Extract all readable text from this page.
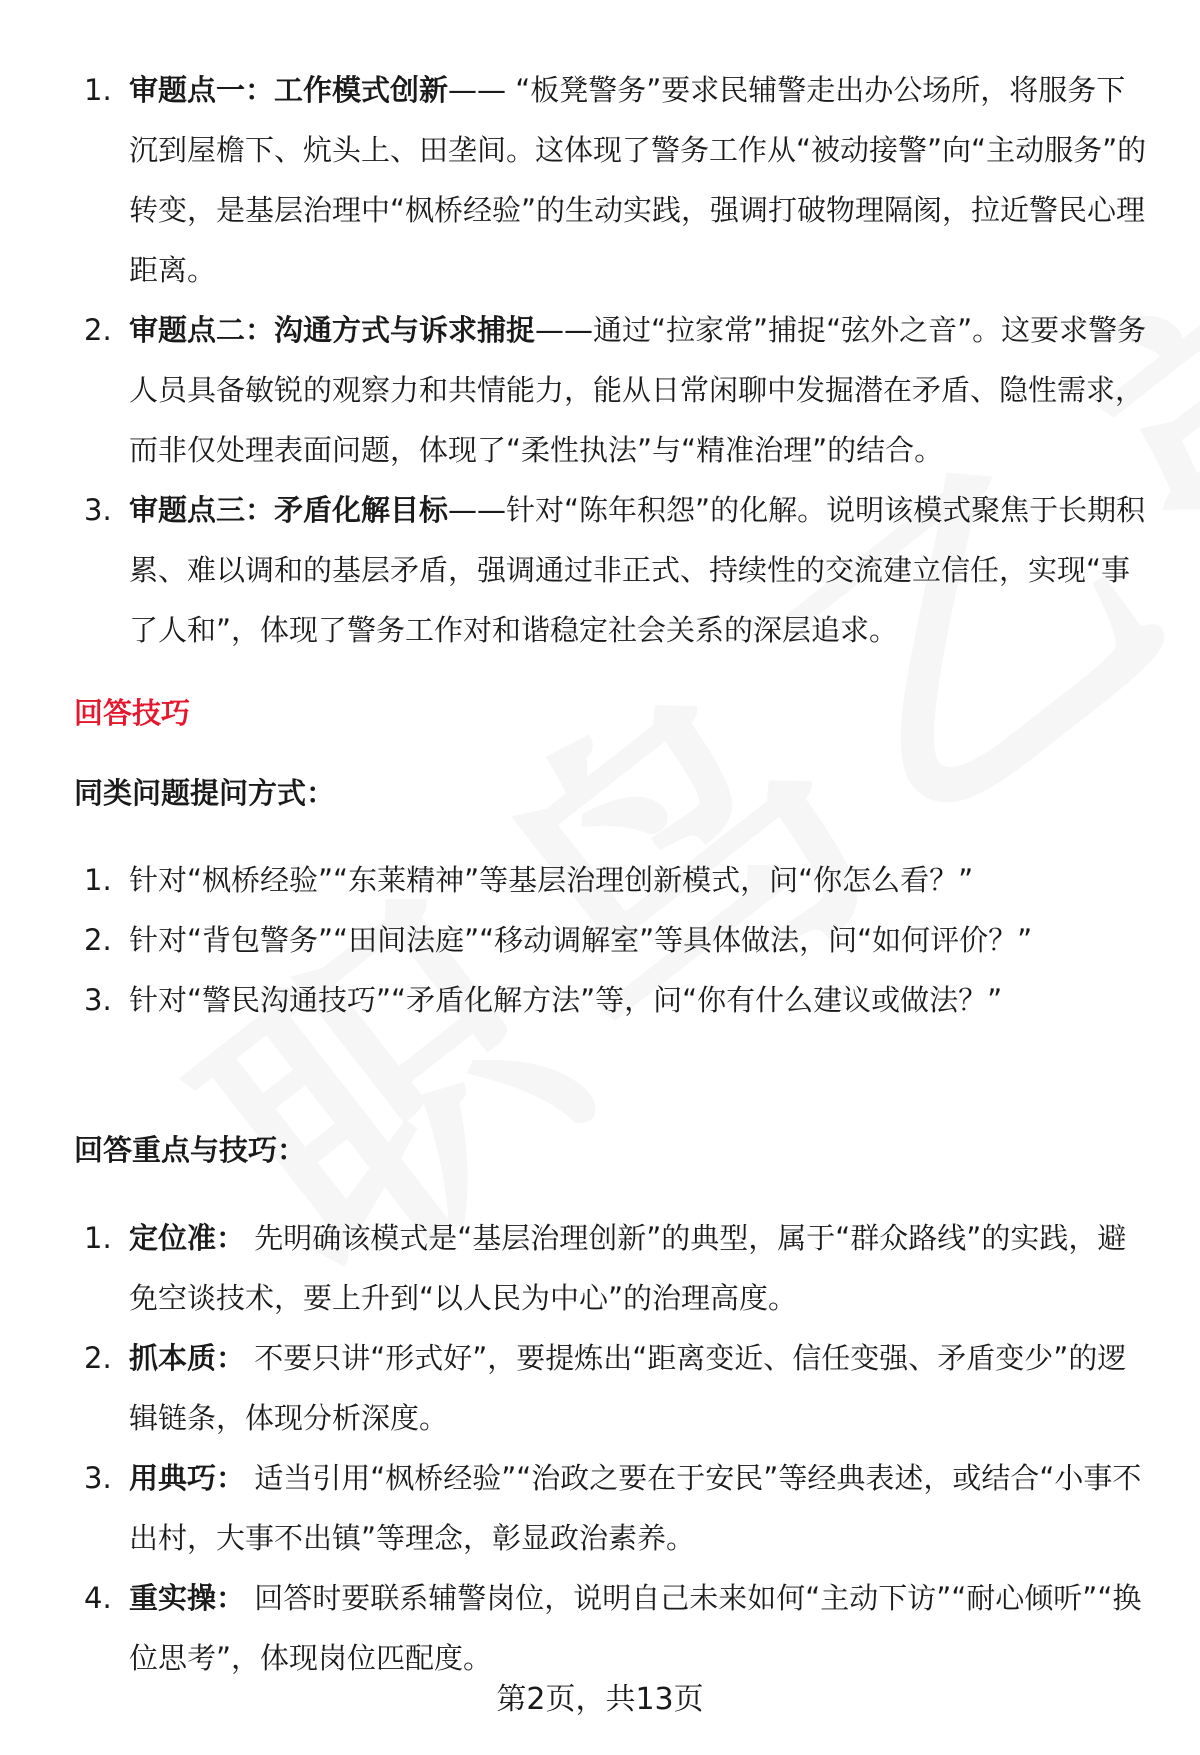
1. 审题点一：工作模式创新—— “板凳警务”要求民辅警走出办公场所，将服务下沉到屋檐下、炕头上、田垄间。这体现了警务工作从“被动接警”向“主动服务”的转变，是基层治理中“枫桥经验”的生动实践，强调打破物理隔阂，拉近警民心理距离。
2. 审题点二：沟通方式与诉求捕捉——通过“拉家常”捕捉“弦外之音”。这要求警务人员具备敏锐的观察力和共情能力，能从日常闲聊中发掘潜在矛盾、隐性需求，而非仅处理表面问题，体现了“柔性执法”与“精准治理”的结合。
3. 审题点三：矛盾化解目标——针对“陈年积怨”的化解。说明该模式聚焦于长期积累、难以调和的基层矛盾，强调通过非正式、持续性的交流建立信任，实现“事了人和”，体现了警务工作对和谐稳定社会关系的深层追求。
回答技巧
同类问题提问方式：
1. 针对“枫桥经验”“东莱精神”等基层治理创新模式，问“你怎么看？”
2. 针对“背包警务”“田间法庭”“移动调解室”等具体做法，问“如何评价？”
3. 针对“警民沟通技巧”“矛盾化解方法”等，问“你有什么建议或做法？”
回答重点与技巧：
1. 定位准： 先明确该模式是“基层治理创新”的典型，属于“群众路线”的实践，避免空谈技术，要上升到“以人民为中心”的治理高度。
2. 抓本质： 不要只讲“形式好”，要提炼出“距离变近、信任变强、矛盾变少”的逻辑链条，体现分析深度。
3. 用典巧： 适当引用“枫桥经验”“治政之要在于安民”等经典表述，或结合“小事不出村，大事不出镇”等理念，彰显政治素养。
4. 重实操： 回答时要联系辅警岗位，说明自己未来如何“主动下访”“耐心倾听”“换位思考”，体现岗位匹配度。
第2页，共13页
